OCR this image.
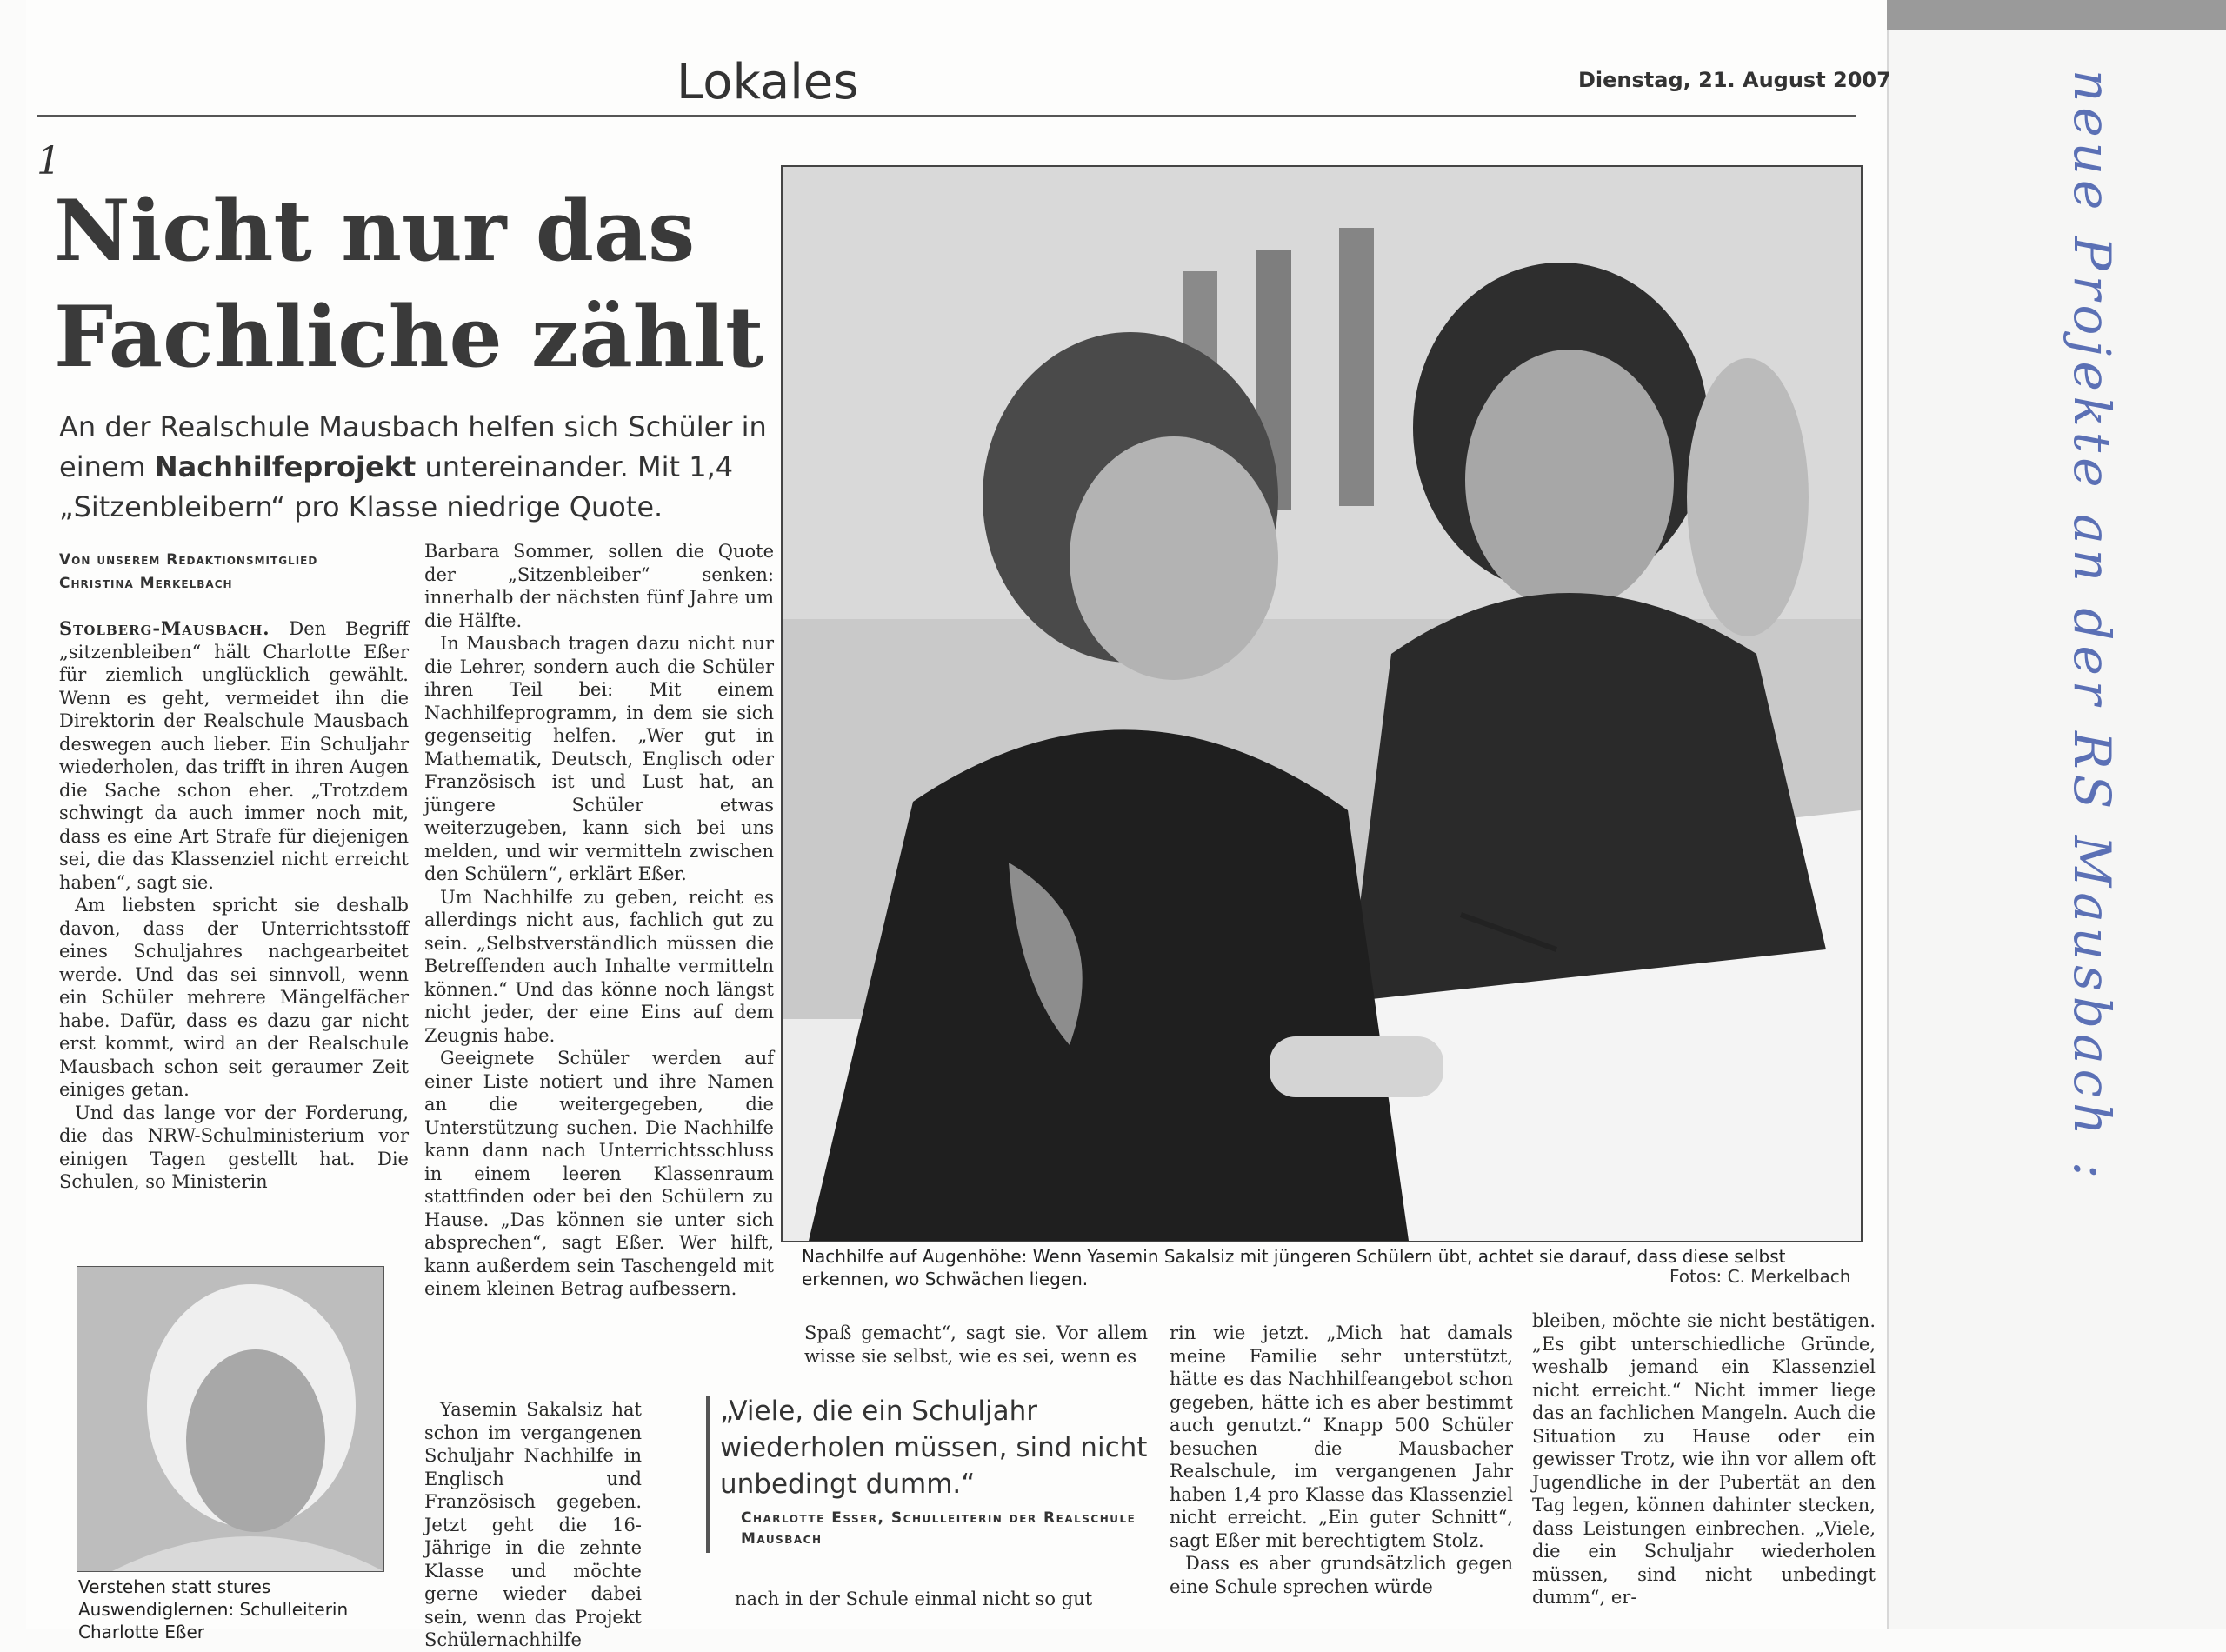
Lokales	Dienstag, 21. August 2007
1
Nicht nur das
Fachliche zählt
An der Realschule Mausbach helfen sich Schüler in einem Nachhilfeprojekt untereinander. Mit 1,4 „Sitzenbleibern“ pro Klasse niedrige Quote.
Von unserem Redaktionsmitglied
Christina Merkelbach

Stolberg-Mausbach. Den Begriff „sitzenbleiben“ hält Charlotte Eßer für ziemlich unglücklich gewählt. Wenn es geht, vermeidet ihn die Direktorin der Realschule Mausbach deswegen auch lieber. Ein Schuljahr wiederholen, das trifft in ihren Augen die Sache schon eher. „Trotzdem schwingt da auch immer noch mit, dass es eine Art Strafe für diejenigen sei, die das Klassenziel nicht erreicht haben“, sagt sie.

Am liebsten spricht sie deshalb davon, dass der Unterrichtsstoff eines Schuljahres nachgearbeitet werde. Und das sei sinnvoll, wenn ein Schüler mehrere Mängelfächer habe. Dafür, dass es dazu gar nicht erst kommt, wird an der Realschule Mausbach schon seit geraumer Zeit einiges getan.

Und das lange vor der Forderung, die das NRW-Schulministerium vor einigen Tagen gestellt hat. Die Schulen, so Ministerin

Barbara Sommer, sollen die Quote der „Sitzenbleiber“ senken: innerhalb der nächsten fünf Jahre um die Hälfte.

In Mausbach tragen dazu nicht nur die Lehrer, sondern auch die Schüler ihren Teil bei: Mit einem Nachhilfeprogramm, in dem sie sich gegenseitig helfen. „Wer gut in Mathematik, Deutsch, Englisch oder Französisch ist und Lust hat, an jüngere Schüler etwas weiterzugeben, kann sich bei uns melden, und wir vermitteln zwischen den Schülern“, erklärt Eßer.

Um Nachhilfe zu geben, reicht es allerdings nicht aus, fachlich gut zu sein. „Selbstverständlich müssen die Betreffenden auch Inhalte vermitteln können.“ Und das könne noch längst nicht jeder, der eine Eins auf dem Zeugnis habe.

Geeignete Schüler werden auf einer Liste notiert und ihre Namen an die weitergegeben, die Unterstützung suchen. Die Nachhilfe kann dann nach Unterrichtsschluss in einem leeren Klassenraum stattfinden oder bei den Schülern zu Hause. „Das können sie unter sich absprechen“, sagt Eßer. Wer hilft, kann außerdem sein Taschengeld mit einem kleinen Betrag aufbessern.

Yasemin Sakalsiz hat schon im vergangenen Schuljahr Nachhilfe in Englisch und Französisch gegeben. Jetzt geht die 16-Jährige in die zehnte Klasse und möchte gerne wieder dabei sein, wenn das Projekt Schülernachhilfe

Nachhilfe auf Augenhöhe: Wenn Yasemin Sakalsiz mit jüngeren Schülern übt, achtet sie darauf, dass diese selbst erkennen, wo Schwächen liegen.	Fotos: C. Merkelbach
Verstehen statt stures Auswendiglernen: Schulleiterin Charlotte Eßer

Spaß gemacht“, sagt sie. Vor allem wisse sie selbst, wie es sei, wenn es

nach in der Schule einmal nicht so gut

„Viele, die ein Schuljahr wiederholen müssen, sind nicht unbedingt dumm.“
Charlotte Esser, Schulleiterin der Realschule Mausbach

rin wie jetzt. „Mich hat damals meine Familie sehr unterstützt, hätte es das Nachhilfeangebot schon gegeben, hätte ich es aber bestimmt auch genutzt.“ Knapp 500 Schüler besuchen die Mausbacher Realschule, im vergangenen Jahr haben 1,4 pro Klasse das Klassenziel nicht erreicht. „Ein guter Schnitt“, sagt Eßer mit berechtigtem Stolz.

Dass es aber grundsätzlich gegen eine Schule sprechen würde

bleiben, möchte sie nicht bestätigen. „Es gibt unterschiedliche Gründe, weshalb jemand ein Klassenziel nicht erreicht.“ Nicht immer liege das an fachlichen Mangeln. Auch die Situation zu Hause oder ein gewisser Trotz, wie ihn vor allem oft Jugendliche in der Pubertät an den Tag legen, können dahinter stecken, dass Leistungen einbrechen. „Viele, die ein Schuljahr wiederholen müssen, sind nicht unbedingt dumm“, er-

neue Projekte an der RS Mausbach :
